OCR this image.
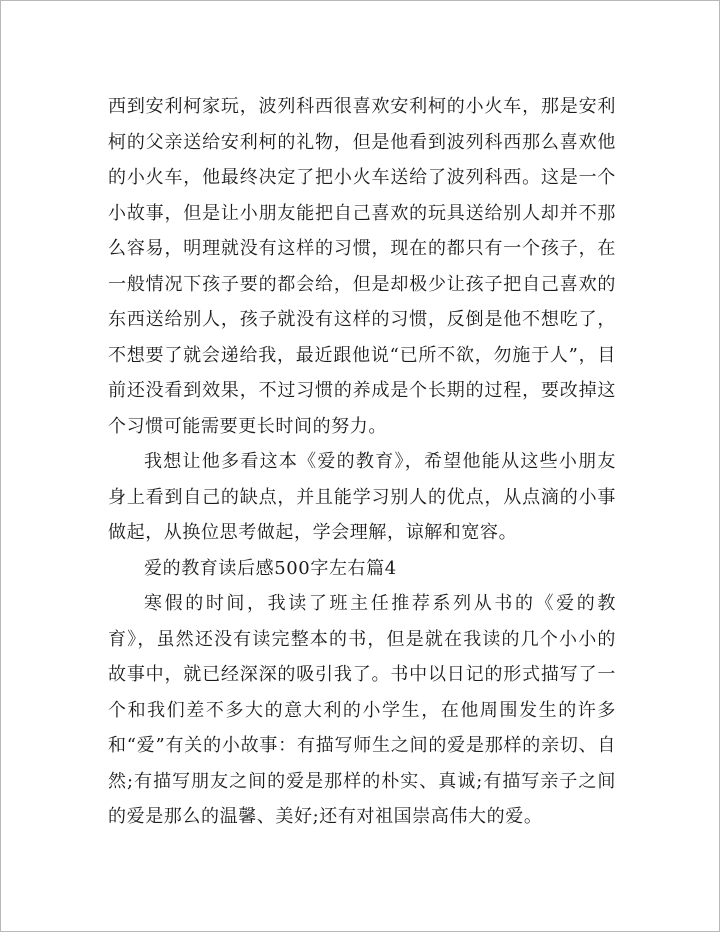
西到安利柯家玩，波列科西很喜欢安利柯的小火车，那是安利柯的父亲送给安利柯的礼物，但是他看到波列科西那么喜欢他的小火车，他最终决定了把小火车送给了波列科西。这是一个小故事，但是让小朋友能把自己喜欢的玩具送给别人却并不那么容易，明理就没有这样的习惯，现在的都只有一个孩子，在一般情况下孩子要的都会给，但是却极少让孩子把自己喜欢的东西送给别人，孩子就没有这样的习惯，反倒是他不想吃了，不想要了就会递给我，最近跟他说“已所不欲，勿施于人”，目前还没看到效果，不过习惯的养成是个长期的过程，要改掉这个习惯可能需要更长时间的努力。

我想让他多看这本《爱的教育》，希望他能从这些小朋友身上看到自己的缺点，并且能学习别人的优点，从点滴的小事做起，从换位思考做起，学会理解，谅解和宽容。

爱的教育读后感500字左右篇4

寒假的时间，我读了班主任推荐系列从书的《爱的教育》，虽然还没有读完整本的书，但是就在我读的几个小小的故事中，就已经深深的吸引我了。书中以日记的形式描写了一个和我们差不多大的意大利的小学生，在他周围发生的许多和“爱”有关的小故事：有描写师生之间的爱是那样的亲切、自然;有描写朋友之间的爱是那样的朴实、真诚;有描写亲子之间的爱是那么的温馨、美好;还有对祖国崇高伟大的爱。
